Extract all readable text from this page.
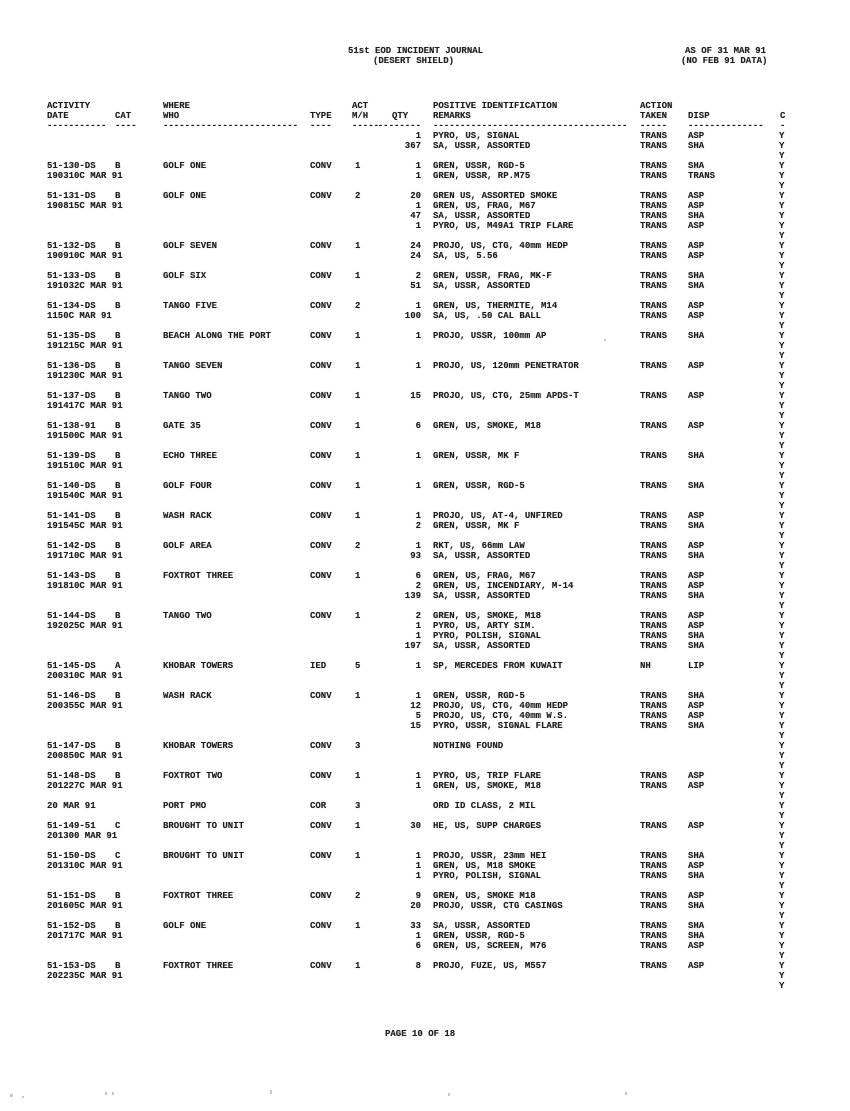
51st EOD INCIDENT JOURNAL
(DESERT SHIELD)
AS OF 31 MAR 91
(NO FEB 91 DATA)
ACTIVITY	WHERE	ACT	POSITIVE IDENTIFICATION	ACTION
DATE	CAT	WHO	TYPE M/H	QTY	REMARKS	TAKEN DISP	C
----------- ----	------------------------- ---- -----
-------- ------------------------------------ ----- -------------- -
1 PYRO, US, SIGNAL	TRANS ASP	Y
367 SA, USSR, ASSORTED	TRANS SHA	Y
Y
51-130-DS B	GOLF ONE	CONV	1	1 GREN, USSR, RGD-5	TRANS SHA	Y
190310C MAR 91	1 GREN, USSR, RP.M75	TRANS TRANS	Y
Y
51-131-DS B	GOLF ONE	CONV	2	20 GREN US, ASSORTED SMOKE	TRANS ASP	Y
190815C MAR 91	1 GREN, US, FRAG, M67	TRANS ASP	Y
47 SA, USSR, ASSORTED	TRANS SHA	Y
1 PYRO, US, M49A1 TRIP FLARE	TRANS ASP	Y
Y
51-132-DS B	GOLF SEVEN	CONV	1	24 PROJO, US, CTG, 40mm HEDP	TRANS ASP	Y
190910C MAR 91	24 SA, US, 5.56	TRANS ASP	Y
Y
51-133-DS B	GOLF SIX	CONV	1	2 GREN, USSR, FRAG, MK-F	TRANS SHA	Y
191032C MAR 91	51 SA, USSR, ASSORTED	TRANS SHA	Y
Y
51-134-DS B	TANGO FIVE	CONV	2	1 GREN, US, THERMITE, M14	TRANS ASP	Y
1150C MAR 91	100 SA, US, .50 CAL BALL	TRANS ASP	Y
Y
51-135-DS B	BEACH ALONG THE PORT	CONV	1	1 PROJO, USSR, 100mm AP	TRANS SHA	Y
191215C MAR 91	Y
Y
51-136-DS B	TANGO SEVEN	CONV	1	1 PROJO, US, 120mm PENETRATOR	TRANS ASP	Y
191230C MAR 91	Y
Y
51-137-DS B	TANGO TWO	CONV	1	15 PROJO, US, CTG, 25mm APDS-T	TRANS ASP	Y
191417C MAR 91	Y
Y
51-138-91 B	GATE 35	CONV	1	6 GREN, US, SMOKE, M18	TRANS ASP	Y
191500C MAR 91	Y
Y
51-139-DS B	ECHO THREE	CONV	1	1 GREN, USSR, MK F	TRANS SHA	Y
191510C MAR 91	Y
Y
51-140-DS B	GOLF FOUR	CONV	1	1 GREN, USSR, RGD-5	TRANS SHA	Y
191540C MAR 91	Y
Y
51-141-DS B	WASH RACK	CONV	1	1 PROJO, US, AT-4, UNFIRED	TRANS ASP	Y
191545C MAR 91	2 GREN, USSR, MK F	TRANS SHA	Y
Y
51-142-DS B	GOLF AREA	CONV	2	1 RKT, US, 66mm LAW	TRANS ASP	Y
191710C MAR 91	93 SA, USSR, ASSORTED	TRANS SHA	Y
Y
51-143-DS B	FOXTROT THREE	CONV	1	6 GREN, US, FRAG, M67	TRANS ASP	Y
191810C MAR 91	2 GREN, US, INCENDIARY, M-14	TRANS ASP	Y
139 SA, USSR, ASSORTED	TRANS SHA	Y
Y
51-144-DS B	TANGO TWO	CONV	1	2 GREN, US, SMOKE, M18	TRANS ASP	Y
192025C MAR 91	1 PYRO, US, ARTY SIM.	TRANS ASP	Y
1 PYRO, POLISH, SIGNAL	TRANS SHA	Y
197 SA, USSR, ASSORTED	TRANS SHA	Y
Y
51-145-DS A	KHOBAR TOWERS	IED	5	1 SP, MERCEDES FROM KUWAIT	NH	LIP	Y
200310C MAR 91	Y
Y
51-146-DS B	WASH RACK	CONV	1	1 GREN, USSR, RGD-5	TRANS SHA	Y
200355C MAR 91	12 PROJO, US, CTG, 40mm HEDP	TRANS ASP	Y
5 PROJO, US, CTG, 40mm W.S.	TRANS ASP	Y
15 PYRO, USSR, SIGNAL FLARE	TRANS SHA	Y
Y
51-147-DS B	KHOBAR TOWERS	CONV	3	NOTHING FOUND	Y
200850C MAR 91	Y
Y
51-148-DS B	FOXTROT TWO	CONV	1	1 PYRO, US, TRIP FLARE	TRANS ASP	Y
201227C MAR 91	1 GREN, US, SMOKE, M18	TRANS ASP	Y
Y
20 MAR 91	PORT PMO	COR	3	ORD ID CLASS, 2 MIL	Y
Y
51-149-51 C	BROUGHT TO UNIT	CONV	1	30 HE, US, SUPP CHARGES	TRANS ASP	Y
201300 MAR 91	Y
Y
51-150-DS C	BROUGHT TO UNIT	CONV	1	1 PROJO, USSR, 23mm HEI	TRANS SHA	Y
201310C MAR 91	1 GREN, US, M18 SMOKE	TRANS ASP	Y
1 PYRO, POLISH, SIGNAL	TRANS SHA	Y
Y
51-151-DS B	FOXTROT THREE	CONV	2	9 GREN, US, SMOKE M18	TRANS ASP	Y
201605C MAR 91	20 PROJO, USSR, CTG CASINGS	TRANS SHA	Y
Y
51-152-DS B	GOLF ONE	CONV	1	33 SA, USSR, ASSORTED	TRANS SHA	Y
201717C MAR 91	1 GREN, USSR, RGD-5	TRANS SHA	Y
6 GREN, US, SCREEN, M76	TRANS ASP	Y
Y
51-153-DS B	FOXTROT THREE	CONV	1	8 PROJO, FUZE, US, M557	TRANS ASP	Y
202235C MAR 91	Y
Y
PAGE 10 OF 18
